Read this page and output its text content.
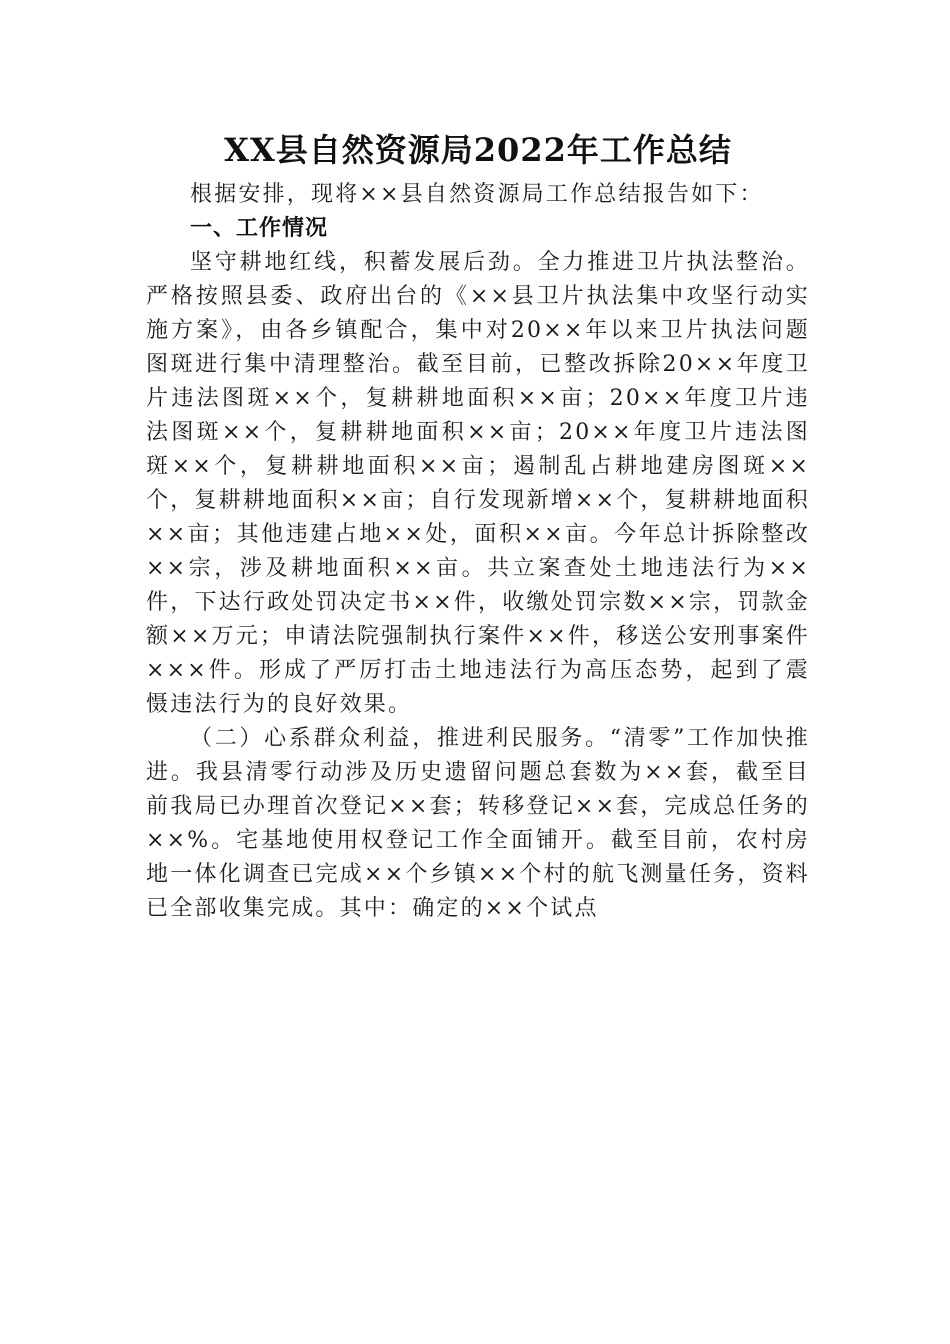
XX县自然资源局2022年工作总结

根据安排，现将××县自然资源局工作总结报告如下：

一、工作情况

坚守耕地红线，积蓄发展后劲。全力推进卫片执法整治。严格按照县委、政府出台的《××县卫片执法集中攻坚行动实施方案》，由各乡镇配合，集中对20××年以来卫片执法问题图斑进行集中清理整治。截至目前，已整改拆除20××年度卫片违法图斑××个，复耕耕地面积××亩；20××年度卫片违法图斑××个，复耕耕地面积××亩；20××年度卫片违法图斑××个，复耕耕地面积××亩；遏制乱占耕地建房图斑××个，复耕耕地面积××亩；自行发现新增××个，复耕耕地面积××亩；其他违建占地××处，面积××亩。今年总计拆除整改××宗，涉及耕地面积××亩。共立案查处土地违法行为××件，下达行政处罚决定书××件，收缴处罚宗数××宗，罚款金额××万元；申请法院强制执行案件××件，移送公安刑事案件×××件。形成了严厉打击土地违法行为高压态势，起到了震慑违法行为的良好效果。

（二）心系群众利益，推进利民服务。“清零”工作加快推进。我县清零行动涉及历史遗留问题总套数为××套，截至目前我局已办理首次登记××套；转移登记××套，完成总任务的××%。宅基地使用权登记工作全面铺开。截至目前，农村房地一体化调查已完成××个乡镇××个村的航飞测量任务，资料已全部收集完成。其中：确定的××个试点
